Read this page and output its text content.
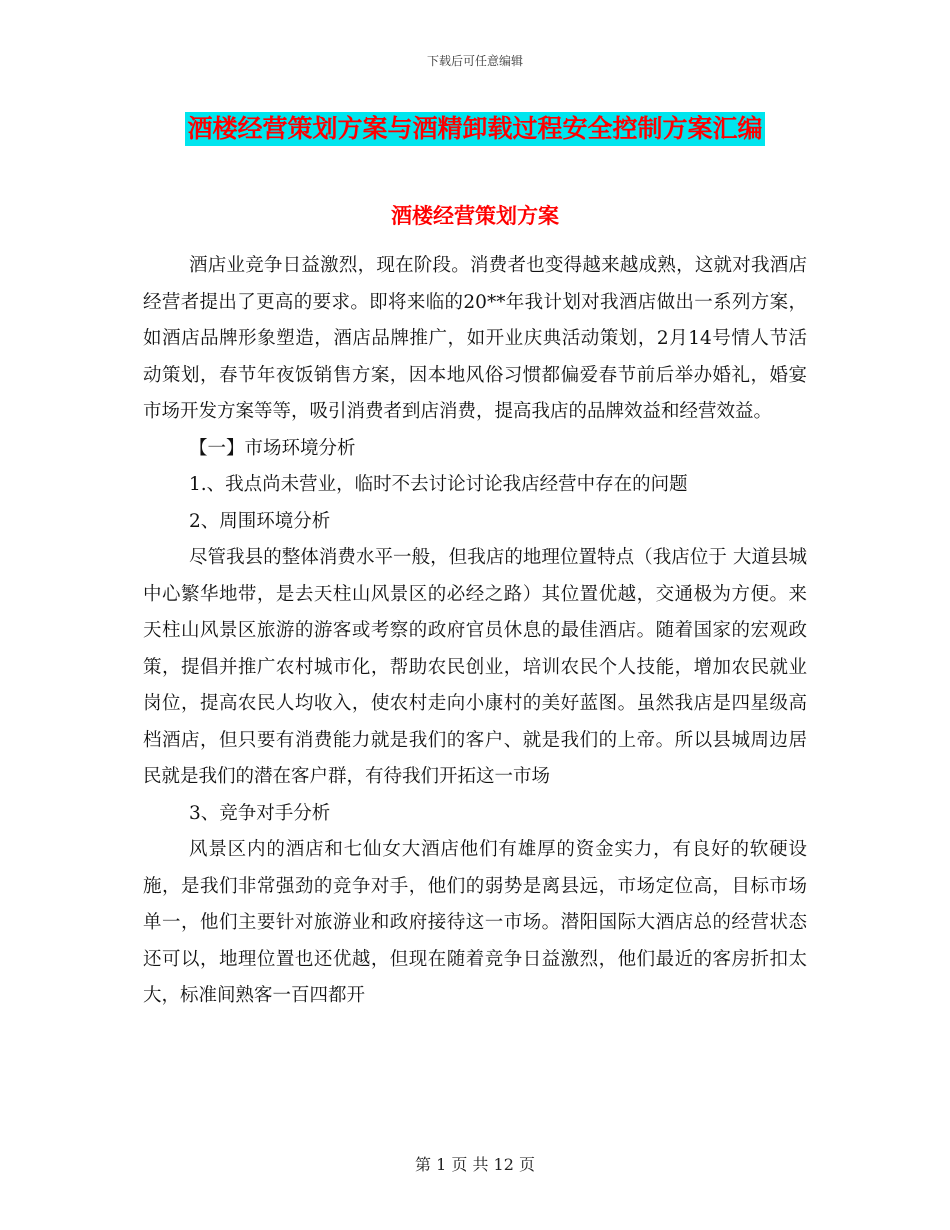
下载后可任意编辑
酒楼经营策划方案与酒精卸载过程安全控制方案汇编
酒楼经营策划方案

酒店业竞争日益激烈，现在阶段。消费者也变得越来越成熟，这就对我酒店经营者提出了更高的要求。即将来临的20**年我计划对我酒店做出一系列方案，如酒店品牌形象塑造，酒店品牌推广，如开业庆典活动策划，2月14号情人节活动策划，春节年夜饭销售方案，因本地风俗习惯都偏爱春节前后举办婚礼，婚宴市场开发方案等等，吸引消费者到店消费，提高我店的品牌效益和经营效益。

【一】市场环境分析

1.、我点尚未营业，临时不去讨论讨论我店经营中存在的问题

2、周围环境分析

尽管我县的整体消费水平一般，但我店的地理位置特点（我店位于 大道县城中心繁华地带，是去天柱山风景区的必经之路）其位置优越，交通极为方便。来天柱山风景区旅游的游客或考察的政府官员休息的最佳酒店。随着国家的宏观政策，提倡并推广农村城市化，帮助农民创业，培训农民个人技能，增加农民就业岗位，提高农民人均收入，使农村走向小康村的美好蓝图。虽然我店是四星级高档酒店，但只要有消费能力就是我们的客户、就是我们的上帝。所以县城周边居民就是我们的潜在客户群，有待我们开拓这一市场

3、竞争对手分析

风景区内的酒店和七仙女大酒店他们有雄厚的资金实力，有良好的软硬设施，是我们非常强劲的竞争对手，他们的弱势是离县远，市场定位高，目标市场单一，他们主要针对旅游业和政府接待这一市场。潜阳国际大酒店总的经营状态还可以，地理位置也还优越，但现在随着竞争日益激烈，他们最近的客房折扣太大，标准间熟客一百四都开

第 1 页 共 12 页
